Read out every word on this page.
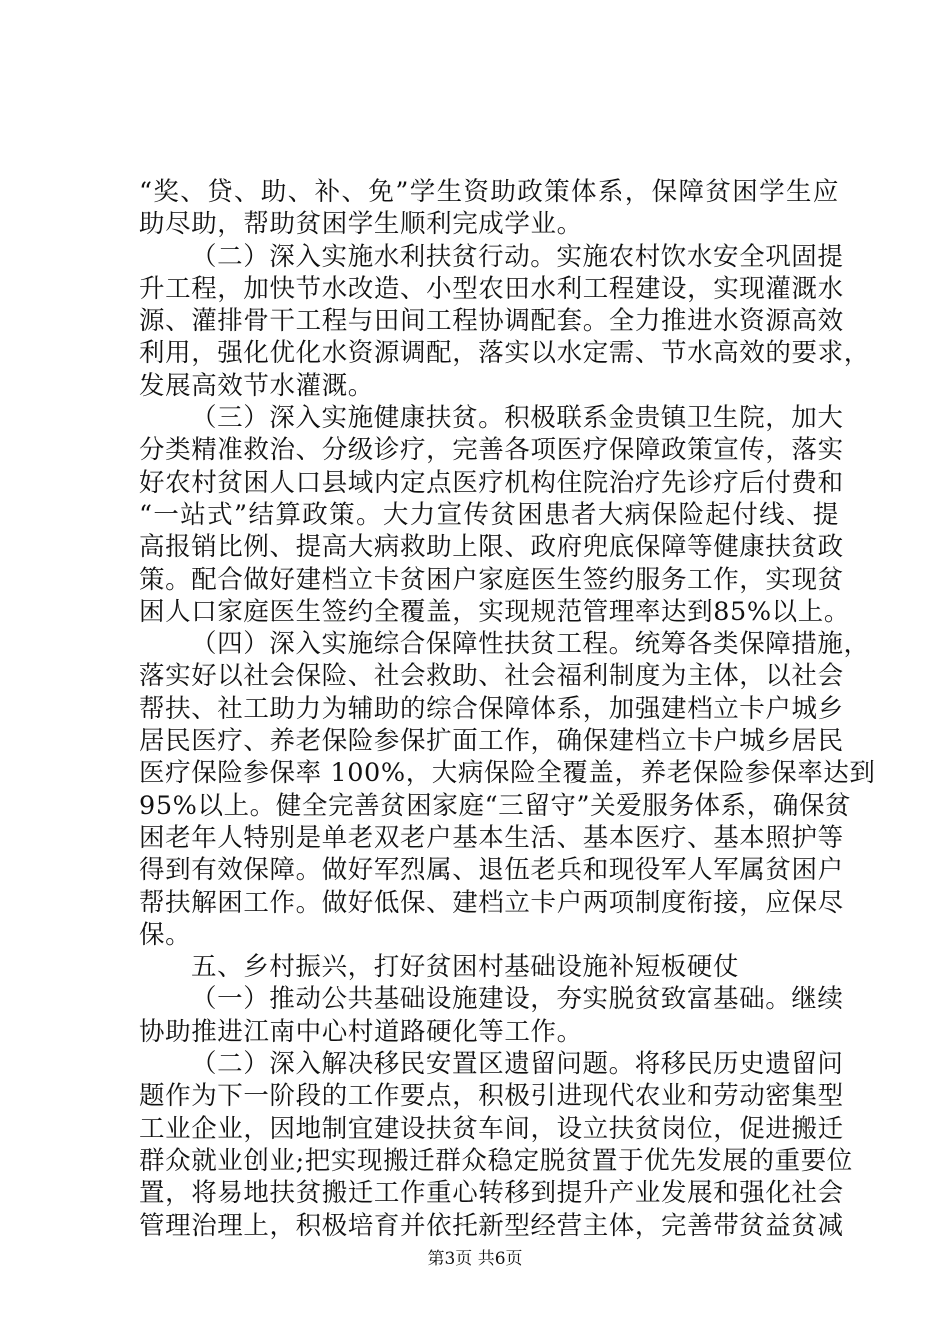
“奖、贷、助、补、免”学生资助政策体系，保障贫困学生应
助尽助，帮助贫困学生顺利完成学业。
（二）深入实施水利扶贫行动。实施农村饮水安全巩固提
升工程，加快节水改造、小型农田水利工程建设，实现灌溉水
源、灌排骨干工程与田间工程协调配套。全力推进水资源高效
利用，强化优化水资源调配，落实以水定需、节水高效的要求，
发展高效节水灌溉。
（三）深入实施健康扶贫。积极联系金贵镇卫生院，加大
分类精准救治、分级诊疗，完善各项医疗保障政策宣传，落实
好农村贫困人口县域内定点医疗机构住院治疗先诊疗后付费和
“一站式”结算政策。大力宣传贫困患者大病保险起付线、提
高报销比例、提高大病救助上限、政府兜底保障等健康扶贫政
策。配合做好建档立卡贫困户家庭医生签约服务工作，实现贫
困人口家庭医生签约全覆盖，实现规范管理率达到85%以上。
（四）深入实施综合保障性扶贫工程。统筹各类保障措施，
落实好以社会保险、社会救助、社会福利制度为主体，以社会
帮扶、社工助力为辅助的综合保障体系，加强建档立卡户城乡
居民医疗、养老保险参保扩面工作，确保建档立卡户城乡居民
医疗保险参保率 100%，大病保险全覆盖，养老保险参保率达到
95%以上。健全完善贫困家庭“三留守”关爱服务体系，确保贫
困老年人特别是单老双老户基本生活、基本医疗、基本照护等
得到有效保障。做好军烈属、退伍老兵和现役军人军属贫困户
帮扶解困工作。做好低保、建档立卡户两项制度衔接，应保尽
保。
五、乡村振兴，打好贫困村基础设施补短板硬仗
（一）推动公共基础设施建设，夯实脱贫致富基础。继续
协助推进江南中心村道路硬化等工作。
（二）深入解决移民安置区遗留问题。将移民历史遗留问
题作为下一阶段的工作要点，积极引进现代农业和劳动密集型
工业企业，因地制宜建设扶贫车间，设立扶贫岗位，促进搬迁
群众就业创业;把实现搬迁群众稳定脱贫置于优先发展的重要位
置，将易地扶贫搬迁工作重心转移到提升产业发展和强化社会
管理治理上，积极培育并依托新型经营主体，完善带贫益贫减
第3页 共6页
